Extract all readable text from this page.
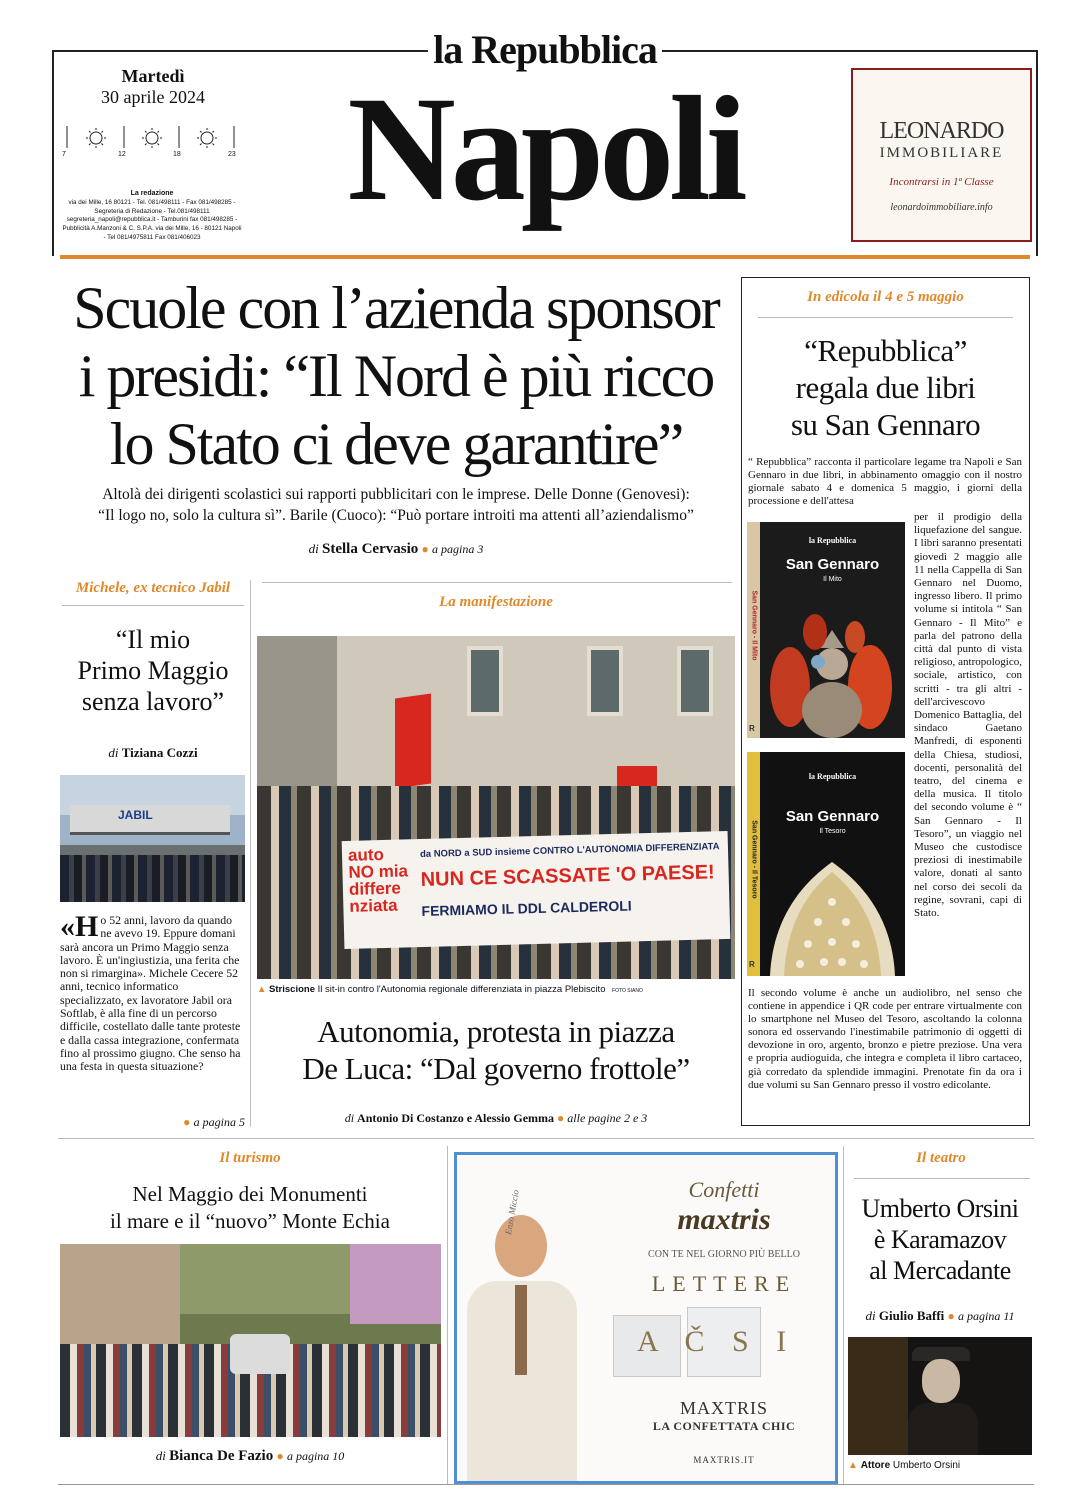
la Repubblica
Napoli
Martedì
30 aprile 2024
7	12	18	23
La redazione
via dei Mille, 16 80121 - Tel. 081/498111 - Fax 081/498285 - Segreteria di Redazione - Tel.081/498111 segreteria_napoli@repubblica.it - Tamburini fax 081/498285 - Pubblicità A.Manzoni & C. S.P.A. via dei Mille, 16 - 80121 Napoli - Tel 081/4975811 Fax 081/406023
LEONARDO
IMMOBILIARE
Incontrarsi in 1ª Classe
leonardoimmobiliare.info
Scuole con l’azienda sponsor
i presidi: “Il Nord è più ricco
lo Stato ci deve garantire”
Altolà dei dirigenti scolastici sui rapporti pubblicitari con le imprese. Delle Donne (Genovesi):
“Il logo no, solo la cultura sì”. Barile (Cuoco): “Può portare introiti ma attenti all’aziendalismo”
di Stella Cervasio ● a pagina 3
In edicola il 4 e 5 maggio
“Repubblica”
regala due libri
su San Gennaro
“ Repubblica” racconta il particolare legame tra Napoli e San Gennaro in due libri, in abbinamento omaggio con il nostro giornale sabato 4 e domenica 5 maggio, i giorni della processione e dell'attesa
San Gennaro - Il Mito
la Repubblica
San Gennaro
Il Mito
R
San Gennaro - Il Tesoro
la Repubblica
San Gennaro
Il Tesoro
R
per il prodigio della liquefazione del sangue. I libri saranno presentati giovedì 2 maggio alle 11 nella Cappella di San Gennaro nel Duomo, ingresso libero. Il primo volume si intitola “ San Gennaro - Il Mito” e parla del patrono della città dal punto di vista religioso, antropologico, sociale, artistico, con scritti - tra gli altri - dell'arcivescovo Domenico Battaglia, del sindaco Gaetano Manfredi, di esponenti della Chiesa, studiosi, docenti, personalità del teatro, del cinema e della musica. Il titolo del secondo volume è “ San Gennaro - Il Tesoro”, un viaggio nel Museo che custodisce preziosi di inestimabile valore, donati al santo nel corso dei secoli da regine, sovrani, capi di Stato.
Il secondo volume è anche un audiolibro, nel senso che contiene in appendice i QR code per entrare virtualmente con lo smartphone nel Museo del Tesoro, ascoltando la colonna sonora ed osservando l'inestimabile patrimonio di oggetti di devozione in oro, argento, bronzo e pietre preziose. Una vera e propria audioguida, che integra e completa il libro cartaceo, già corredato da splendide immagini. Prenotate fin da ora i due volumi su San Gennaro presso il vostro edicolante.
Michele, ex tecnico Jabil
“Il mio
Primo Maggio
senza lavoro”
di Tiziana Cozzi
JABIL
«H o 52 anni, lavoro da quando ne avevo 19. Eppure domani sarà ancora un Primo Maggio senza lavoro. È un'ingiustizia, una ferita che non si rimargina». Michele Cecere 52 anni, tecnico informatico specializzato, ex lavoratore Jabil ora Softlab, è alla fine di un percorso difficile, costellato dalle tante proteste e dalla cassa integrazione, confermata fino al prossimo giugno. Che senso ha una festa in questa situazione?
● a pagina 5
La manifestazione
auto NO mia differe nziata
da NORD a SUD insieme CONTRO L'AUTONOMIA DIFFERENZIATA
NUN CE SCASSATE 'O PAESE!
FERMIAMO IL DDL CALDEROLI
▲ Striscione Il sit-in contro l'Autonomia regionale differenziata in piazza Plebiscito FOTO SIANO
Autonomia, protesta in piazza
De Luca: “Dal governo frottole”
di Antonio Di Costanzo e Alessio Gemma ● alle pagine 2 e 3
Il turismo
Nel Maggio dei Monumenti
il mare e il “nuovo” Monte Echia
di Bianca De Fazio ● a pagina 10
Enzo Miccio	Confetti
maxtris
CON TE NEL GIORNO PIÙ BELLO
LETTERE
A Č S I
MAXTRIS
LA CONFETTATA CHIC
MAXTRIS.IT
Il teatro
Umberto Orsini
è Karamazov
al Mercadante
di Giulio Baffi ● a pagina 11
▲ Attore Umberto Orsini
